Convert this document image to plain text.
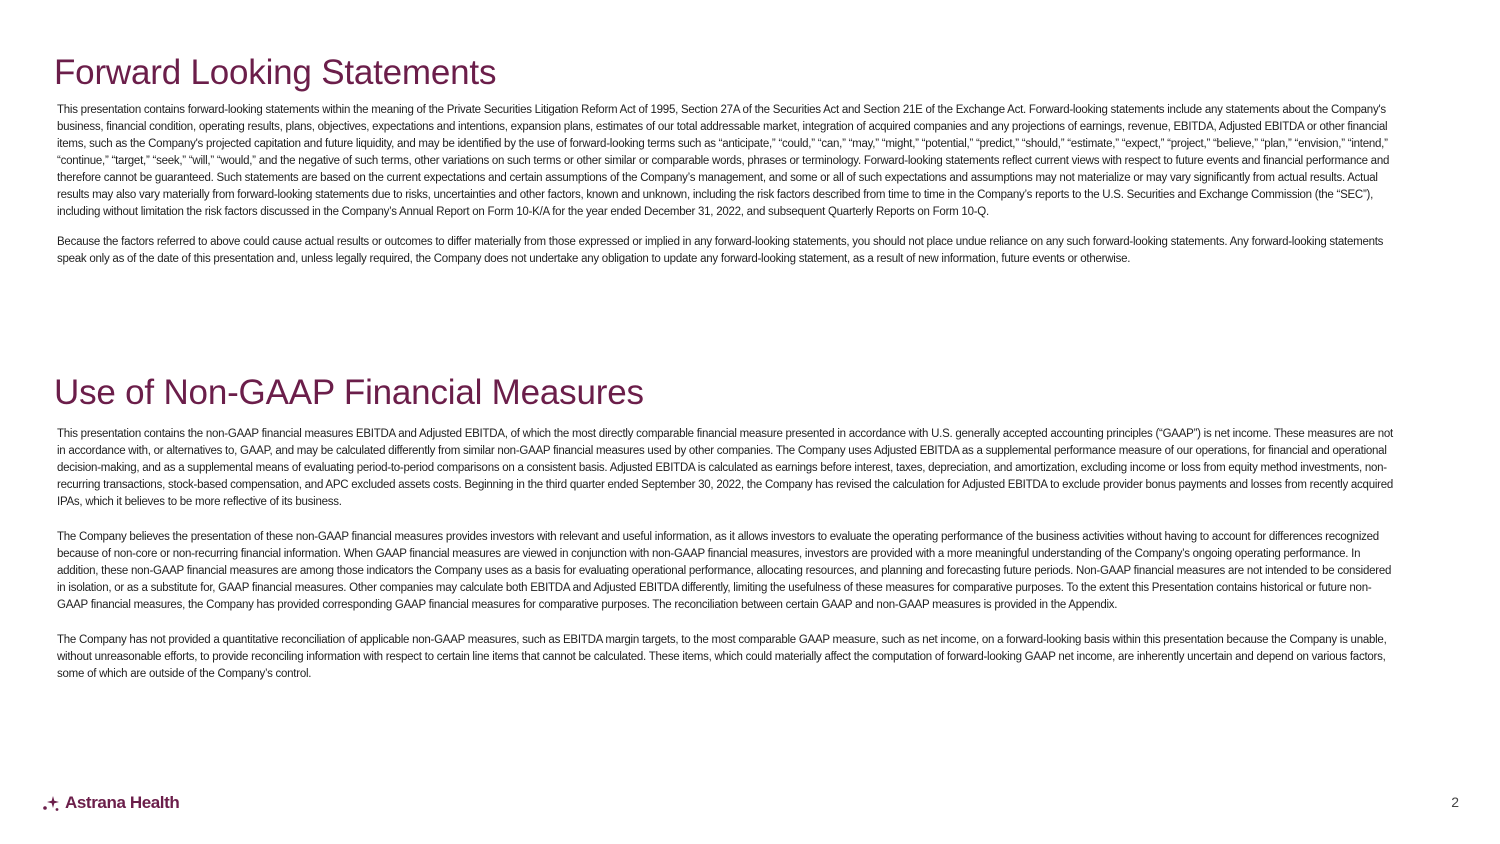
Forward Looking Statements

This presentation contains forward-looking statements within the meaning of the Private Securities Litigation Reform Act of 1995, Section 27A of the Securities Act and Section 21E of the Exchange Act. Forward-looking statements include any statements about the Company's business, financial condition, operating results, plans, objectives, expectations and intentions, expansion plans, estimates of our total addressable market, integration of acquired companies and any projections of earnings, revenue, EBITDA, Adjusted EBITDA or other financial items, such as the Company's projected capitation and future liquidity, and may be identified by the use of forward-looking terms such as “anticipate,” “could,” “can,” “may,” “might,” “potential,” “predict,” “should,” “estimate,” “expect,” “project,” “believe,” “plan,” “envision,” “intend,” “continue,” “target,” “seek,” “will,” “would,” and the negative of such terms, other variations on such terms or other similar or comparable words, phrases or terminology. Forward-looking statements reflect current views with respect to future events and financial performance and therefore cannot be guaranteed. Such statements are based on the current expectations and certain assumptions of the Company’s management, and some or all of such expectations and assumptions may not materialize or may vary significantly from actual results. Actual results may also vary materially from forward-looking statements due to risks, uncertainties and other factors, known and unknown, including the risk factors described from time to time in the Company’s reports to the U.S. Securities and Exchange Commission (the “SEC”), including without limitation the risk factors discussed in the Company’s Annual Report on Form 10-K/A for the year ended December 31, 2022, and subsequent Quarterly Reports on Form 10-Q.

Because the factors referred to above could cause actual results or outcomes to differ materially from those expressed or implied in any forward-looking statements, you should not place undue reliance on any such forward-looking statements. Any forward-looking statements speak only as of the date of this presentation and, unless legally required, the Company does not undertake any obligation to update any forward-looking statement, as a result of new information, future events or otherwise.

Use of Non-GAAP Financial Measures

This presentation contains the non-GAAP financial measures EBITDA and Adjusted EBITDA, of which the most directly comparable financial measure presented in accordance with U.S. generally accepted accounting principles (“GAAP”) is net income. These measures are not in accordance with, or alternatives to, GAAP, and may be calculated differently from similar non-GAAP financial measures used by other companies. The Company uses Adjusted EBITDA as a supplemental performance measure of our operations, for financial and operational decision-making, and as a supplemental means of evaluating period-to-period comparisons on a consistent basis. Adjusted EBITDA is calculated as earnings before interest, taxes, depreciation, and amortization, excluding income or loss from equity method investments, non-recurring transactions, stock-based compensation, and APC excluded assets costs. Beginning in the third quarter ended September 30, 2022, the Company has revised the calculation for Adjusted EBITDA to exclude provider bonus payments and losses from recently acquired IPAs, which it believes to be more reflective of its business.

The Company believes the presentation of these non-GAAP financial measures provides investors with relevant and useful information, as it allows investors to evaluate the operating performance of the business activities without having to account for differences recognized because of non-core or non-recurring financial information. When GAAP financial measures are viewed in conjunction with non-GAAP financial measures, investors are provided with a more meaningful understanding of the Company’s ongoing operating performance. In addition, these non-GAAP financial measures are among those indicators the Company uses as a basis for evaluating operational performance, allocating resources, and planning and forecasting future periods. Non-GAAP financial measures are not intended to be considered in isolation, or as a substitute for, GAAP financial measures. Other companies may calculate both EBITDA and Adjusted EBITDA differently, limiting the usefulness of these measures for comparative purposes. To the extent this Presentation contains historical or future non-GAAP financial measures, the Company has provided corresponding GAAP financial measures for comparative purposes. The reconciliation between certain GAAP and non-GAAP measures is provided in the Appendix.

The Company has not provided a quantitative reconciliation of applicable non-GAAP measures, such as EBITDA margin targets, to the most comparable GAAP measure, such as net income, on a forward-looking basis within this presentation because the Company is unable, without unreasonable efforts, to provide reconciling information with respect to certain line items that cannot be calculated. These items, which could materially affect the computation of forward-looking GAAP net income, are inherently uncertain and depend on various factors, some of which are outside of the Company’s control.

Astrana Health	2
